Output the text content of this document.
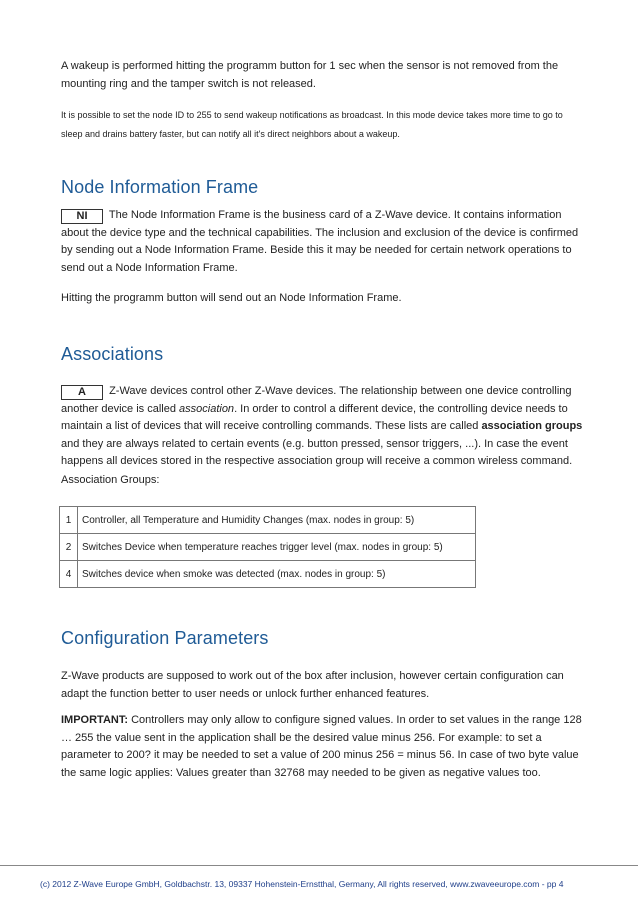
A wakeup is performed hitting the programm button for 1 sec when the sensor is not removed from the mounting ring and the tamper switch is not released.

It is possible to set the node ID to 255 to send wakeup notifications as broadcast. In this mode device takes more time to go to sleep and drains battery faster, but can notify all it's direct neighbors about a wakeup.

Node Information Frame

NI The Node Information Frame is the business card of a Z-Wave device. It contains information about the device type and the technical capabilities. The inclusion and exclusion of the device is confirmed by sending out a Node Information Frame. Beside this it may be needed for certain network operations to send out a Node Information Frame.

Hitting the programm button will send out an Node Information Frame.

Associations

A Z-Wave devices control other Z-Wave devices. The relationship between one device controlling another device is called association. In order to control a different device, the controlling device needs to maintain a list of devices that will receive controlling commands. These lists are called association groups and they are always related to certain events (e.g. button pressed, sensor triggers, ...). In case the event happens all devices stored in the respective association group will receive a common wireless command.

Association Groups:

1	Controller, all Temperature and Humidity Changes (max. nodes in group: 5)
2	Switches Device when temperature reaches trigger level (max. nodes in group: 5)
4	Switches device when smoke was detected (max. nodes in group: 5)
Configuration Parameters

Z-Wave products are supposed to work out of the box after inclusion, however certain configuration can adapt the function better to user needs or unlock further enhanced features.

IMPORTANT: Controllers may only allow to configure signed values. In order to set values in the range 128 … 255 the value sent in the application shall be the desired value minus 256. For example: to set a parameter to 200? it may be needed to set a value of 200 minus 256 = minus 56. In case of two byte value the same logic applies: Values greater than 32768 may needed to be given as negative values too.

(c) 2012 Z-Wave Europe GmbH, Goldbachstr. 13, 09337 Hohenstein-Ernstthal, Germany, All rights reserved, www.zwaveeurope.com - pp 4
